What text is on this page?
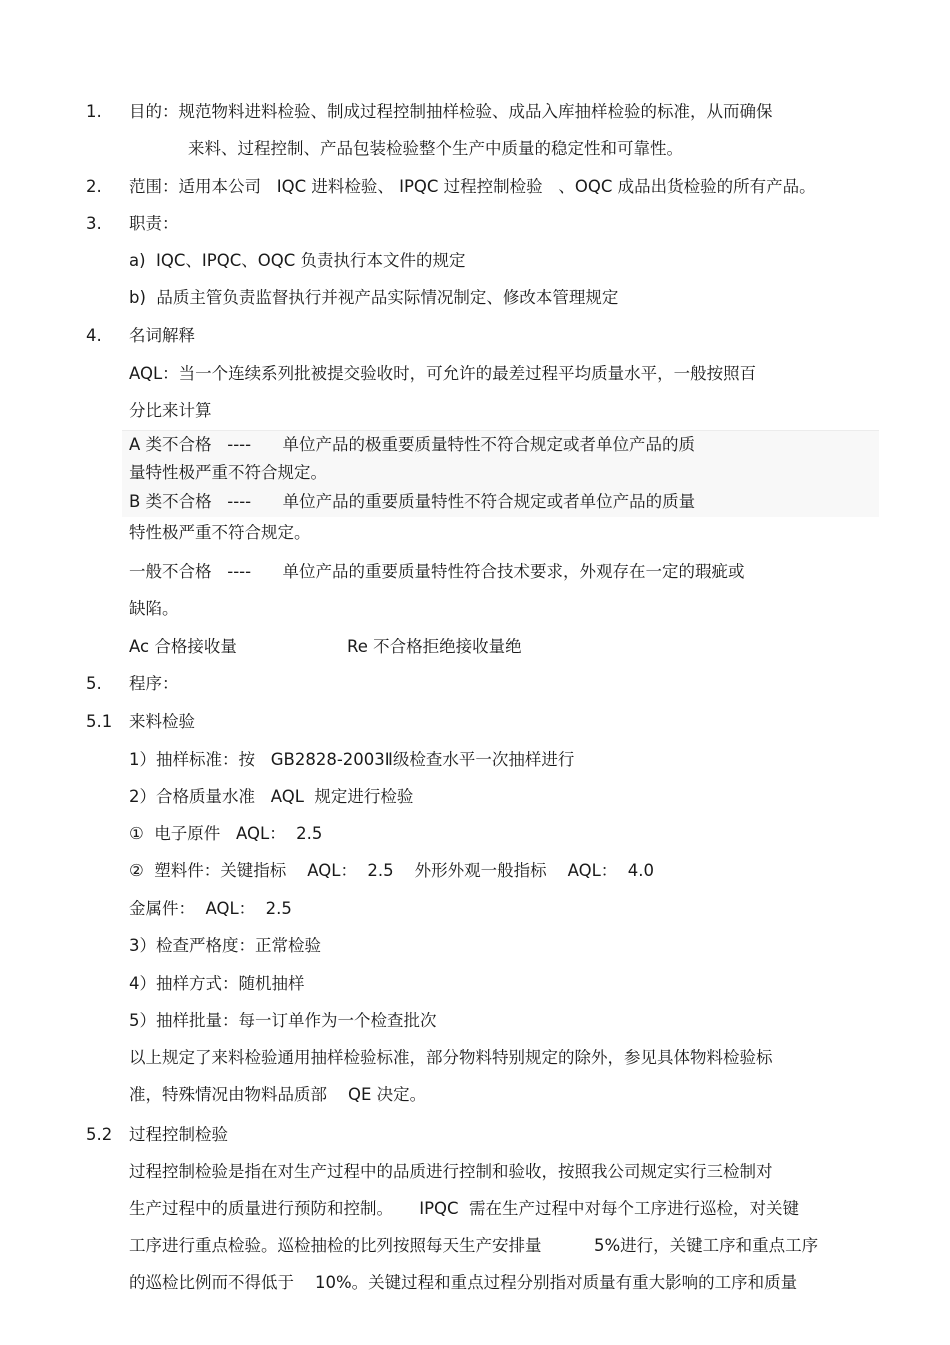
1. 目的：规范物料进料检验、制成过程控制抽样检验、成品入库抽样检验的标准，从而确保
来料、过程控制、产品包装检验整个生产中质量的稳定性和可靠性。
2. 范围：适用本公司   IQC 进料检验、 IPQC 过程控制检验   、OQC 成品出货检验的所有产品。
3. 职责：
a)  IQC、IPQC、OQC 负责执行本文件的规定
b)  品质主管负责监督执行并视产品实际情况制定、修改本管理规定
4. 名词解释
AQL：当一个连续系列批被提交验收时，可允许的最差过程平均质量水平，一般按照百
分比来计算
A 类不合格   ----      单位产品的极重要质量特性不符合规定或者单位产品的质
量特性极严重不符合规定。
B 类不合格   ----      单位产品的重要质量特性不符合规定或者单位产品的质量
特性极严重不符合规定。
一般不合格   ----      单位产品的重要质量特性符合技术要求，外观存在一定的瑕疵或
缺陷。
Ac 合格接收量	Re 不合格拒绝接收量绝
5. 程序：
5.1 来料检验
1）抽样标准：按   GB2828-2003Ⅱ级检查水平一次抽样进行
2）合格质量水准   AQL  规定进行检验
①  电子原件   AQL：  2.5
②  塑料件：关键指标    AQL：  2.5    外形外观一般指标    AQL：  4.0
金属件：  AQL：  2.5
3）检查严格度：正常检验
4）抽样方式：随机抽样
5）抽样批量：每一订单作为一个检查批次
以上规定了来料检验通用抽样检验标准，部分物料特别规定的除外，参见具体物料检验标
准，特殊情况由物料品质部    QE 决定。
5.2 过程控制检验
过程控制检验是指在对生产过程中的品质进行控制和验收，按照我公司规定实行三检制对
生产过程中的质量进行预防和控制。     IPQC  需在生产过程中对每个工序进行巡检，对关键
工序进行重点检验。巡检抽检的比列按照每天生产安排量          5%进行，关键工序和重点工序
的巡检比例而不得低于    10%。关键过程和重点过程分别指对质量有重大影响的工序和质量
